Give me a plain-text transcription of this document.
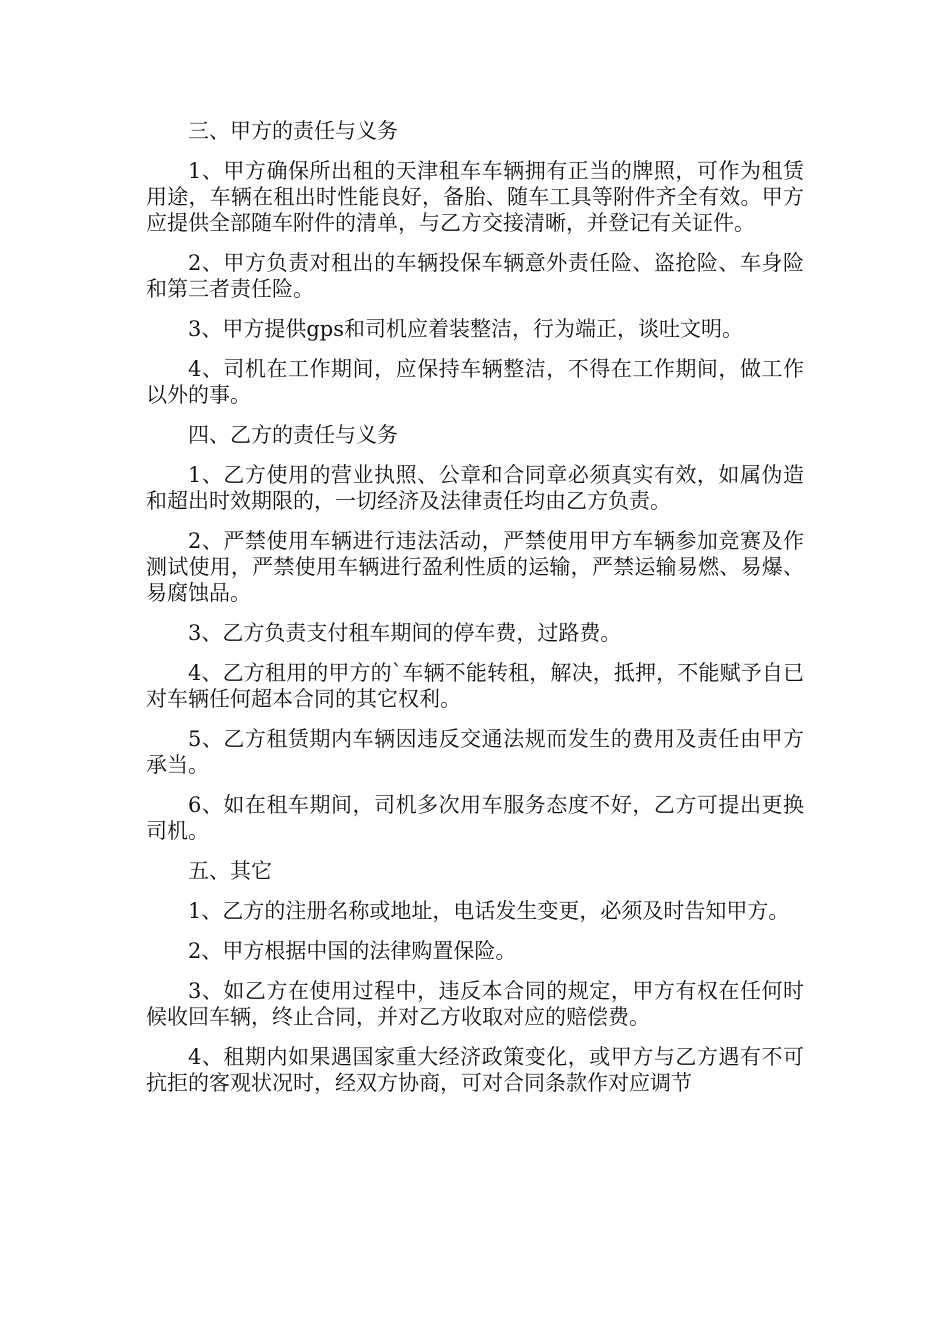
三、甲方的责任与义务

1、甲方确保所出租的天津租车车辆拥有正当的牌照，可作为租赁用途，车辆在租出时性能良好，备胎、随车工具等附件齐全有效。甲方应提供全部随车附件的清单，与乙方交接清晰，并登记有关证件。

2、甲方负责对租出的车辆投保车辆意外责任险、盗抢险、车身险和第三者责任险。

3、甲方提供gps和司机应着装整洁，行为端正，谈吐文明。

4、司机在工作期间，应保持车辆整洁，不得在工作期间，做工作以外的事。

四、乙方的责任与义务

1、乙方使用的营业执照、公章和合同章必须真实有效，如属伪造和超出时效期限的，一切经济及法律责任均由乙方负责。

2、严禁使用车辆进行违法活动，严禁使用甲方车辆参加竞赛及作测试使用，严禁使用车辆进行盈利性质的运输，严禁运输易燃、易爆、易腐蚀品。

3、乙方负责支付租车期间的停车费，过路费。

4、乙方租用的甲方的`车辆不能转租，解决，抵押，不能赋予自已对车辆任何超本合同的其它权利。

5、乙方租赁期内车辆因违反交通法规而发生的费用及责任由甲方承当。

6、如在租车期间，司机多次用车服务态度不好，乙方可提出更换司机。

五、其它

1、乙方的注册名称或地址，电话发生变更，必须及时告知甲方。

2、甲方根据中国的法律购置保险。

3、如乙方在使用过程中，违反本合同的规定，甲方有权在任何时候收回车辆，终止合同，并对乙方收取对应的赔偿费。

4、租期内如果遇国家重大经济政策变化，或甲方与乙方遇有不可抗拒的客观状况时，经双方协商，可对合同条款作对应调节
